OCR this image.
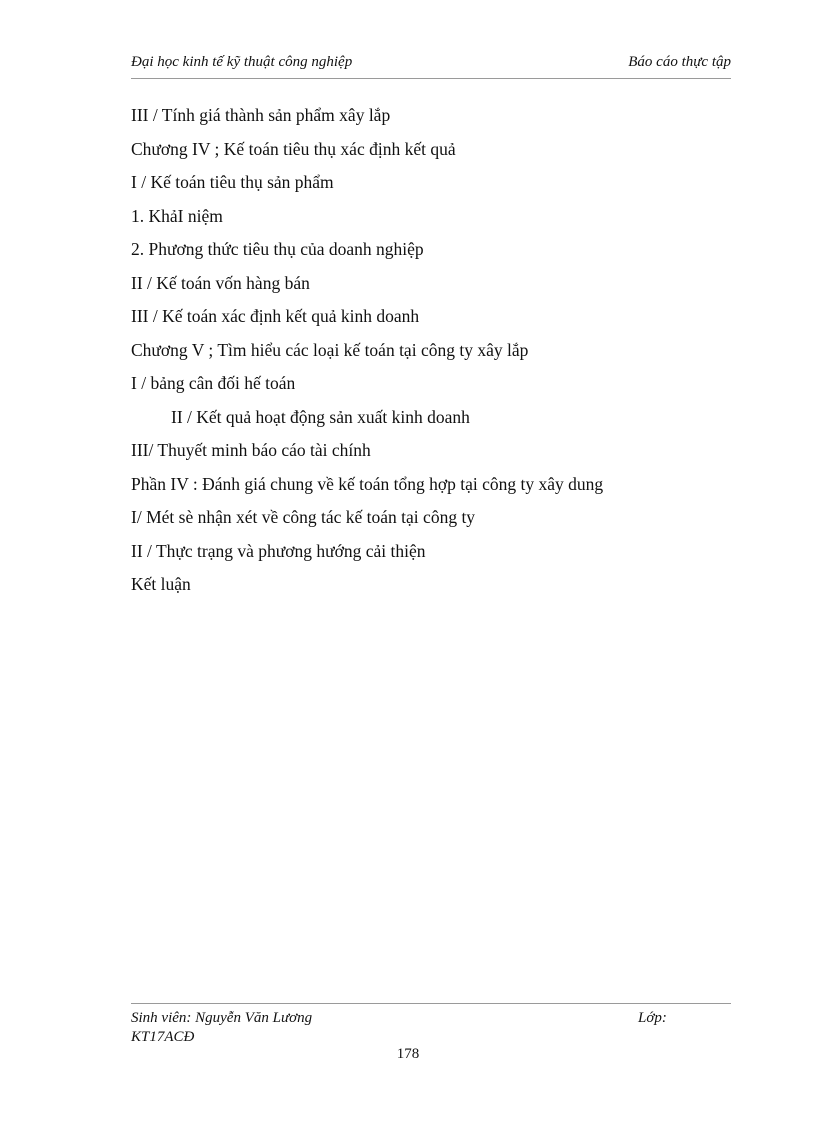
Đại học kinh tế kỹ thuật công nghiệp	Báo cáo thực tập
III / Tính giá thành sản phẩm xây lắp
Chương IV ; Kế toán tiêu thụ xác định kết quả
I / Kế toán tiêu thụ sản phẩm
1. KhảI niệm
2. Phương thức tiêu thụ của doanh nghiệp
II / Kế toán vốn hàng bán
III / Kế toán xác định kết quả kinh doanh
Chương V ; Tìm hiểu các loại kế toán tại công ty xây lắp
I / bảng cân đối hế toán
II / Kết quả hoạt động sản xuất kinh doanh
III/ Thuyết minh báo cáo tài chính
Phần IV : Đánh giá chung về kế toán tổng hợp tại công ty xây dung
I/ Mét sè nhận xét về công tác kế toán tại công ty
II / Thực trạng và phương hướng cải thiện
Kết luận
Sinh viên: Nguyễn Văn Lương	Lớp:
KT17ACĐ
178
